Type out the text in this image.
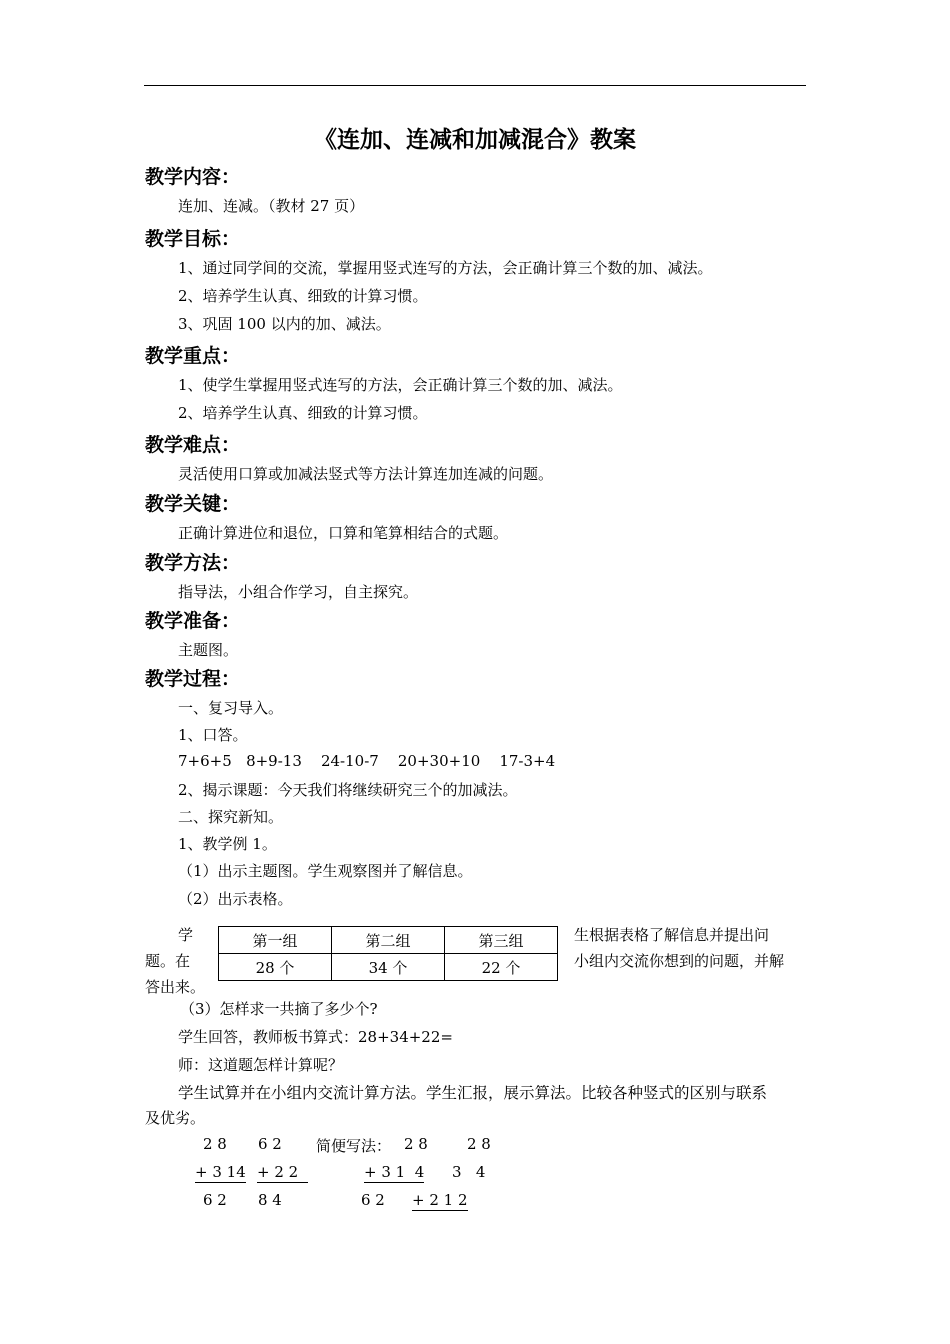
《连加、连减和加减混合》教案
教学内容：
连加、连减。（教材 27 页）
教学目标：
1、通过同学间的交流，掌握用竖式连写的方法，会正确计算三个数的加、减法。
2、培养学生认真、细致的计算习惯。
3、巩固 100 以内的加、减法。
教学重点：
1、使学生掌握用竖式连写的方法，会正确计算三个数的加、减法。
2、培养学生认真、细致的计算习惯。
教学难点：
灵活使用口算或加减法竖式等方法计算连加连减的问题。
教学关键：
正确计算进位和退位，口算和笔算相结合的式题。
教学方法：
指导法，小组合作学习，自主探究。
教学准备：
主题图。
教学过程：
一、复习导入。
1、口答。
7+6+5   8+9-13    24-10-7    20+30+10    17-3+4
2、揭示课题：今天我们将继续研究三个的加减法。
二、探究新知。
1、教学例 1。
（1）出示主题图。学生观察图并了解信息。
（2）出示表格。
学
题。在
答出来。
生根据表格了解信息并提出问
小组内交流你想到的问题，并解
第一组	第二组	第三组
28 个	34 个	22 个
（3）怎样求一共摘了多少个?
学生回答，教师板书算式：28+34+22=
师：这道题怎样计算呢？
学生试算并在小组内交流计算方法。学生汇报，展示算法。比较各种竖式的区别与联系
及优劣。
2 8
+ 3 14
6 2
6 2
+ 2 2
8 4
简便写法： 2 8
+ 3 1  4
6 2
2 8
3   4
+ 2 1 2
